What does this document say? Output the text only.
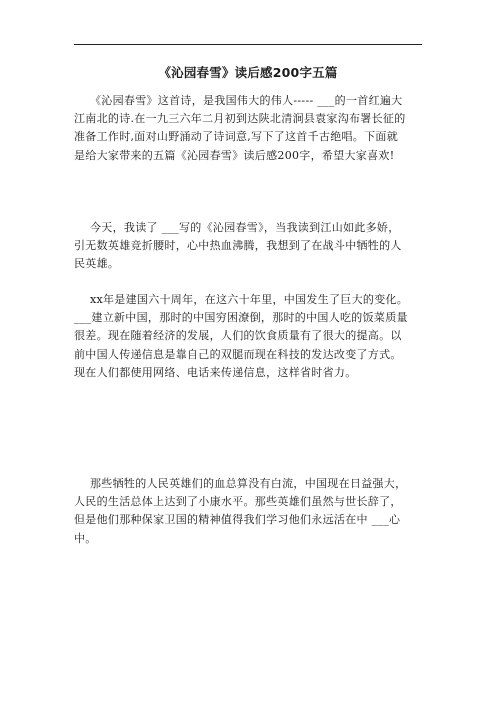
《沁园春雪》读后感200字五篇
《沁园春雪》这首诗，是我国伟大的伟人----- ___的一首红遍大
江南北的诗.在一九三六年二月初到达陕北清涧县袁家沟布署长征的
准备工作时,面对山野涌动了诗词意,写下了这首千古绝唱。下面就
是给大家带来的五篇《沁园春雪》读后感200字，希望大家喜欢!
今天，我读了 ___写的《沁园春雪》，当我读到江山如此多娇，
引无数英雄竞折腰时，心中热血沸腾，我想到了在战斗中牺牲的人
民英雄。
xx年是建国六十周年，在这六十年里，中国发生了巨大的变化。
___建立新中国，那时的中国穷困潦倒，那时的中国人吃的饭菜质量
很差。现在随着经济的发展，人们的饮食质量有了很大的提高。以
前中国人传递信息是靠自己的双腿而现在科技的发达改变了方式。
现在人们都使用网络、电话来传递信息，这样省时省力。
那些牺牲的人民英雄们的血总算没有白流，中国现在日益强大，
人民的生活总体上达到了小康水平。那些英雄们虽然与世长辞了，
但是他们那种保家卫国的精神值得我们学习他们永远活在中 ___心
中。
